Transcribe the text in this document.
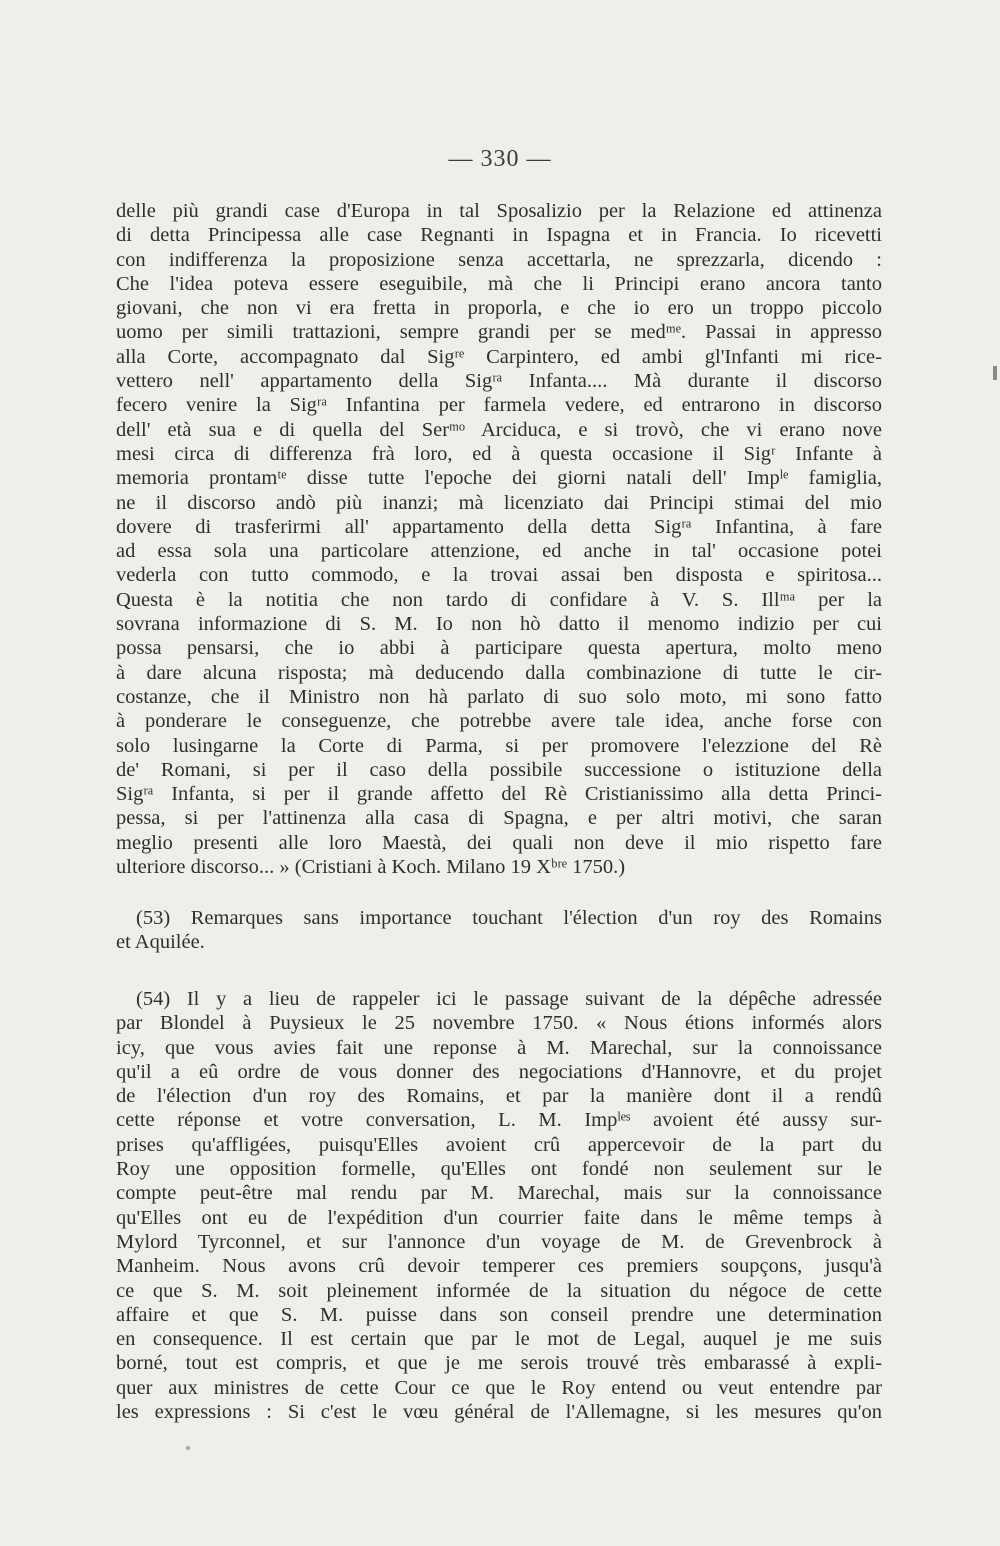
— 330 —
delle più grandi case d'Europa in tal Sposalizio per la Relazione ed attinenza
di detta Principessa alle case Regnanti in Ispagna et in Francia. Io ricevetti
con indifferenza la proposizione senza accettarla, ne sprezzarla, dicendo :
Che l'idea poteva essere eseguibile, mà che li Principi erano ancora tanto
giovani, che non vi era fretta in proporla, e che io ero un troppo piccolo
uomo per simili trattazioni, sempre grandi per se medᵐᵉ. Passai in appresso
alla Corte, accompagnato dal Sigʳᵉ Carpintero, ed ambi gl'Infanti mi rice-
vettero nell' appartamento della Sigʳᵃ Infanta.... Mà durante il discorso
fecero venire la Sigʳᵃ Infantina per farmela vedere, ed entrarono in discorso
dell' età sua e di quella del Serᵐᵒ Arciduca, e si trovò, che vi erano nove
mesi circa di differenza frà loro, ed à questa occasione il Sigʳ Infante à
memoria prontamᵗᵉ disse tutte l'epoche dei giorni natali dell' Impˡᵉ famiglia,
ne il discorso andò più inanzi; mà licenziato dai Principi stimai del mio
dovere di trasferirmi all' appartamento della detta Sigʳᵃ Infantina, à fare
ad essa sola una particolare attenzione, ed anche in tal' occasione potei
vederla con tutto commodo, e la trovai assai ben disposta e spiritosa...
Questa è la notitia che non tardo di confidare à V. S. Illᵐᵃ per la
sovrana informazione di S. M. Io non hò datto il menomo indizio per cui
possa pensarsi, che io abbi à participare questa apertura, molto meno
à dare alcuna risposta; mà deducendo dalla combinazione di tutte le cir-
costanze, che il Ministro non hà parlato di suo solo moto, mi sono fatto
à ponderare le conseguenze, che potrebbe avere tale idea, anche forse con
solo lusingarne la Corte di Parma, si per promovere l'elezzione del Rè
de' Romani, si per il caso della possibile successione o istituzione della
Sigʳᵃ Infanta, si per il grande affetto del Rè Cristianissimo alla detta Princi-
pessa, si per l'attinenza alla casa di Spagna, e per altri motivi, che saran
meglio presenti alle loro Maestà, dei quali non deve il mio rispetto fare
ulteriore discorso... » (Cristiani à Koch. Milano 19 Xᵇʳᵉ 1750.)
(53) Remarques sans importance touchant l'élection d'un roy des Romains
et Aquilée.
(54) Il y a lieu de rappeler ici le passage suivant de la dépêche adressée
par Blondel à Puysieux le 25 novembre 1750. « Nous étions informés alors
icy, que vous avies fait une reponse à M. Marechal, sur la connoissance
qu'il a eû ordre de vous donner des negociations d'Hannovre, et du projet
de l'élection d'un roy des Romains, et par la manière dont il a rendû
cette réponse et votre conversation, L. M. Impˡᵉˢ avoient été aussy sur-
prises qu'affligées, puisqu'Elles avoient crû appercevoir de la part du
Roy une opposition formelle, qu'Elles ont fondé non seulement sur le
compte peut-être mal rendu par M. Marechal, mais sur la connoissance
qu'Elles ont eu de l'expédition d'un courrier faite dans le même temps à
Mylord Tyrconnel, et sur l'annonce d'un voyage de M. de Grevenbrock à
Manheim. Nous avons crû devoir temperer ces premiers soupçons, jusqu'à
ce que S. M. soit pleinement informée de la situation du négoce de cette
affaire et que S. M. puisse dans son conseil prendre une determination
en consequence. Il est certain que par le mot de Legal, auquel je me suis
borné, tout est compris, et que je me serois trouvé très embarassé à expli-
quer aux ministres de cette Cour ce que le Roy entend ou veut entendre par
les expressions : Si c'est le vœu général de l'Allemagne, si les mesures qu'on
